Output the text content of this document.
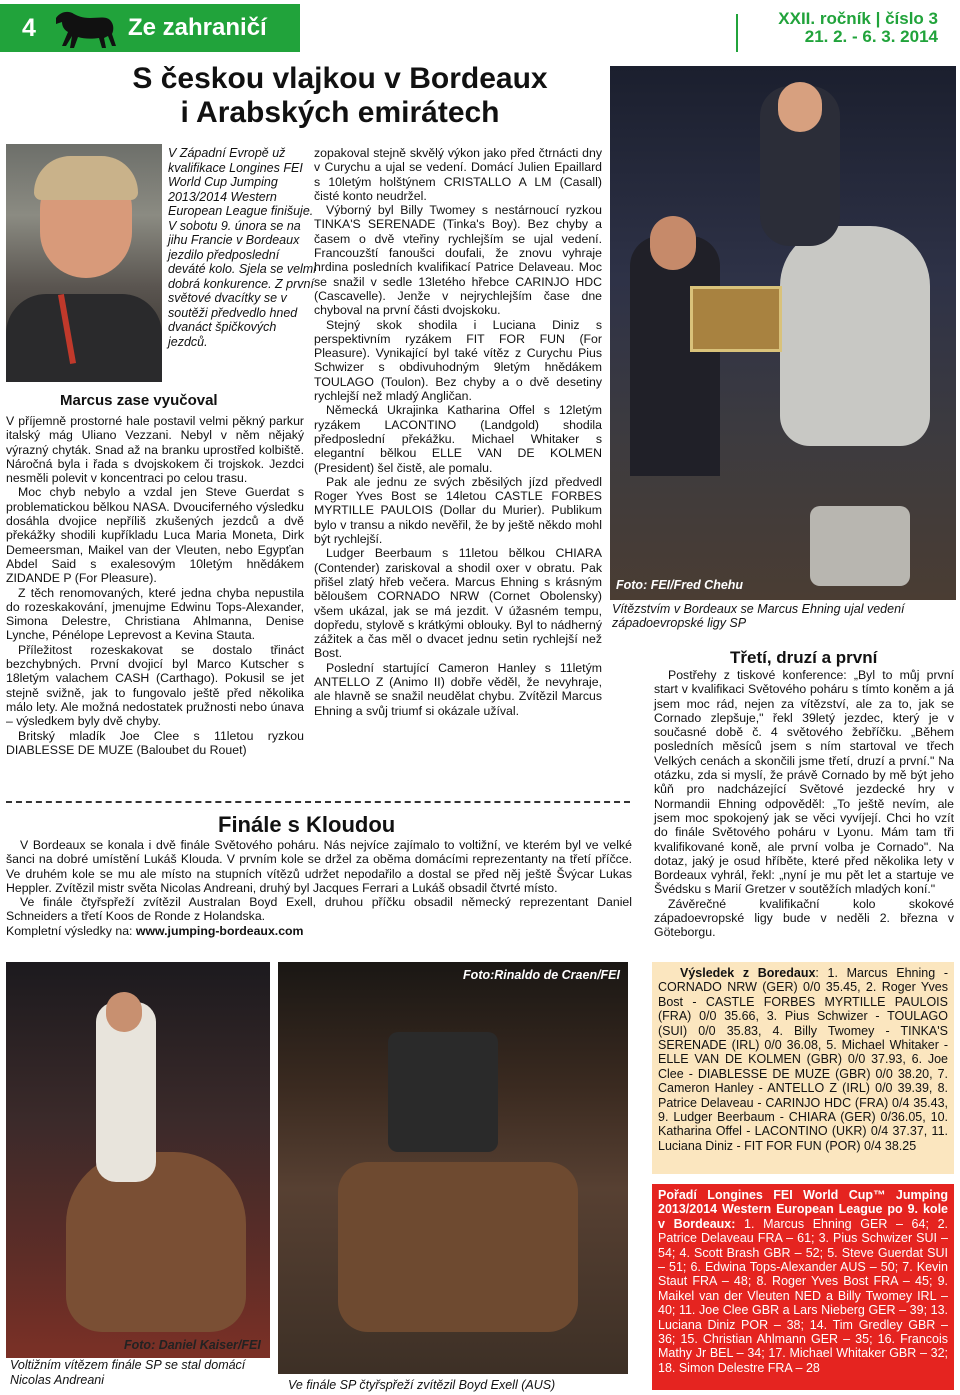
4	Ze zahraničí	XXII. ročník | číslo 3
21. 2. - 6. 3. 2014
S českou vlajkou v Bordeaux
i Arabských emirátech
V Západní Evropě už kvalifikace Longines FEI World Cup Jumping 2013/2014 Western European League finišuje. V sobotu 9. února se na jihu Francie v Bordeaux jezdilo předposlední deváté kolo. Sjela se velmi dobrá konkurence. Z první světové dvacítky se v soutěži předvedlo hned dvanáct špičkových jezdců.
Marcus zase vyučoval

V příjemně prostorné hale postavil velmi pěkný parkur italský mág Uliano Vezzani. Nebyl v něm nějaký výrazný chyták. Snad až na branku uprostřed kolbiště. Náročná byla i řada s dvojskokem či trojskok. Jezdci nesměli polevit v koncentraci po celou trasu.

Moc chyb nebylo a vzdal jen Steve Guerdat s problematickou bělkou NASA. Dvouciferného výsledku dosáhla dvojice nepříliš zkušených jezdců a dvě překážky shodili kupříkladu Luca Maria Moneta, Dirk Demeersman, Maikel van der Vleuten, nebo Egypťan Abdel Said s exalesovým 10letým hnědákem ZIDANDE P (For Pleasure).

Z těch renomovaných, které jedna chyba nepustila do rozeskakování, jmenujme Edwinu Tops-Alexander, Simona Delestre, Christiana Ahlmanna, Denise Lynche, Pénélope Leprevost a Kevina Stauta.

Příležitost rozeskakovat se dostalo třináct bezchybných. První dvojicí byl Marco Kutscher s 18letým valachem CASH (Carthago). Pokusil se jet stejně svižně, jak to fungovalo ještě před několika málo lety. Ale možná nedostatek pružnosti nebo únava – výsledkem byly dvě chyby.

Britský mladík Joe Clee s 11letou ryzkou DIABLESSE DE MUZE (Baloubet du Rouet)

zopakoval stejně skvělý výkon jako před čtrnácti dny v Curychu a ujal se vedení. Domácí Julien Epaillard s 10letým holštýnem CRISTALLO A LM (Casall) čisté konto neudržel.

Výborný byl Billy Twomey s nestárnoucí ryzkou TINKA'S SERENADE (Tinka's Boy). Bez chyby a časem o dvě vteřiny rychlejším se ujal vedení. Francouzští fanoušci doufali, že znovu vyhraje hrdina posledních kvalifikací Patrice Delaveau. Moc se snažil v sedle 13letého hřebce CARINJO HDC (Cascavelle). Jenže v nejrychlejším čase dne chyboval na první části dvojskoku.

Stejný skok shodila i Luciana Diniz s perspektivním ryzákem FIT FOR FUN (For Pleasure). Vynikající byl také vítěz z Curychu Pius Schwizer s obdivuhodným 9letým hnědákem TOULAGO (Toulon). Bez chyby a o dvě desetiny rychlejší než mladý Angličan.

Německá Ukrajinka Katharina Offel s 12letým ryzákem LACONTINO (Landgold) shodila předposlední překážku. Michael Whitaker s elegantní bělkou ELLE VAN DE KOLMEN (President) šel čistě, ale pomalu.

Pak ale jednu ze svých zběsilých jízd předvedl Roger Yves Bost se 14letou CASTLE FORBES MYRTILLE PAULOIS (Dollar du Murier). Publikum bylo v transu a nikdo nevěřil, že by ještě někdo mohl být rychlejší.

Ludger Beerbaum s 11letou bělkou CHIARA (Contender) zariskoval a shodil oxer v obratu. Pak přišel zlatý hřeb večera. Marcus Ehning s krásným běloušem CORNADO NRW (Cornet Obolensky) všem ukázal, jak se má jezdit. V úžasném tempu, dopředu, stylově s krátkými oblouky. Byl to nádherný zážitek a čas měl o dvacet jednu setin rychlejší než Bost.

Poslední startující Cameron Hanley s 11letým ANTELLO Z (Animo II) dobře věděl, že nevyhraje, ale hlavně se snažil neudělat chybu. Zvítězil Marcus Ehning a svůj triumf si okázale užíval.

Foto: FEI/Fred Chehu
Vítězstvím v Bordeaux se Marcus Ehning ujal vedení západoevropské ligy SP
Třetí, druzí a první

Postřehy z tiskové konference: „Byl to můj první start v kvalifikaci Světového poháru s tímto koněm a já jsem moc rád, nejen za vítězství, ale za to, jak se Cornado zlepšuje," řekl 39letý jezdec, který je v současné době č. 4 světového žebříčku. „Během posledních měsíců jsem s ním startoval ve třech Velkých cenách a skončili jsme třetí, druzí a první." Na otázku, zda si myslí, že právě Cornado by mě být jeho kůň pro nadcházející Světové jezdecké hry v Normandii Ehning odpověděl: „To ještě nevím, ale jsem moc spokojený jak se věci vyvíjejí. Chci ho vzít do finále Světového poháru v Lyonu. Mám tam tři kvalifikované koně, ale první volba je Cornado". Na dotaz, jaký je osud hříběte, které před několika lety v Bordeaux vyhrál, řekl: „nyní je mu pět let a startuje ve Švédsku s Marií Gretzer v soutěžích mladých koní."

Závěrečné kvalifikační kolo skokové západoevropské ligy bude v neděli 2. března v Göteborgu.

Finále s Kloudou

V Bordeaux se konala i dvě finále Světového poháru. Nás nejvíce zajímalo to voltižní, ve kterém byl ve velké šanci na dobré umístění Lukáš Klouda. V prvním kole se držel za oběma domácími reprezentanty na třetí příčce. Ve druhém kole se mu ale místo na stupních vítězů udržet nepodařilo a dostal se před něj ještě Švýcar Lukas Heppler. Zvítězil mistr světa Nicolas Andreani, druhý byl Jacques Ferrari a Lukáš obsadil čtvrté místo.

Ve finále čtyřspřeží zvítězil Australan Boyd Exell, druhou příčku obsadil německý reprezentant Daniel Schneiders a třetí Koos de Ronde z Holandska.

Kompletní výsledky na: www.jumping-bordeaux.com

Foto: Daniel Kaiser/FEI
Voltižním vítězem finále SP se stal domácí Nicolas Andreani
Foto:Rinaldo de Craen/FEI
Ve finále SP čtyřspřeží zvítězil Boyd Exell (AUS)
Výsledek z Boredaux: 1. Marcus Ehning - CORNADO NRW (GER) 0/0 35.45, 2. Roger Yves Bost - CASTLE FORBES MYRTILLE PAULOIS (FRA) 0/0 35.66, 3. Pius Schwizer - TOULAGO (SUI) 0/0 35.83, 4. Billy Twomey - TINKA'S SERENADE (IRL) 0/0 36.08, 5. Michael Whitaker - ELLE VAN DE KOLMEN (GBR) 0/0 37.93, 6. Joe Clee - DIABLESSE DE MUZE (GBR) 0/0 38.20, 7. Cameron Hanley - ANTELLO Z (IRL) 0/0 39.39, 8. Patrice Delaveau - CARINJO HDC (FRA) 0/4 35.43, 9. Ludger Beerbaum - CHIARA (GER) 0/36.05, 10. Katharina Offel - LACONTINO (UKR) 0/4 37.37, 11. Luciana Diniz - FIT FOR FUN (POR) 0/4 38.25
Pořadí Longines FEI World Cup™ Jumping 2013/2014 Western European League po 9. kole v Bordeaux: 1. Marcus Ehning GER – 64; 2. Patrice Delaveau FRA – 61; 3. Pius Schwizer SUI – 54; 4. Scott Brash GBR – 52; 5. Steve Guerdat SUI – 51; 6. Edwina Tops-Alexander AUS – 50; 7. Kevin Staut FRA – 48; 8. Roger Yves Bost FRA – 45; 9. Maikel van der Vleuten NED a Billy Twomey IRL – 40; 11. Joe Clee GBR a Lars Nieberg GER – 39; 13. Luciana Diniz POR – 38; 14. Tim Gredley GBR – 36; 15. Christian Ahlmann GER – 35; 16. Francois Mathy Jr BEL – 34; 17. Michael Whitaker GBR – 32; 18. Simon Delestre FRA – 28
